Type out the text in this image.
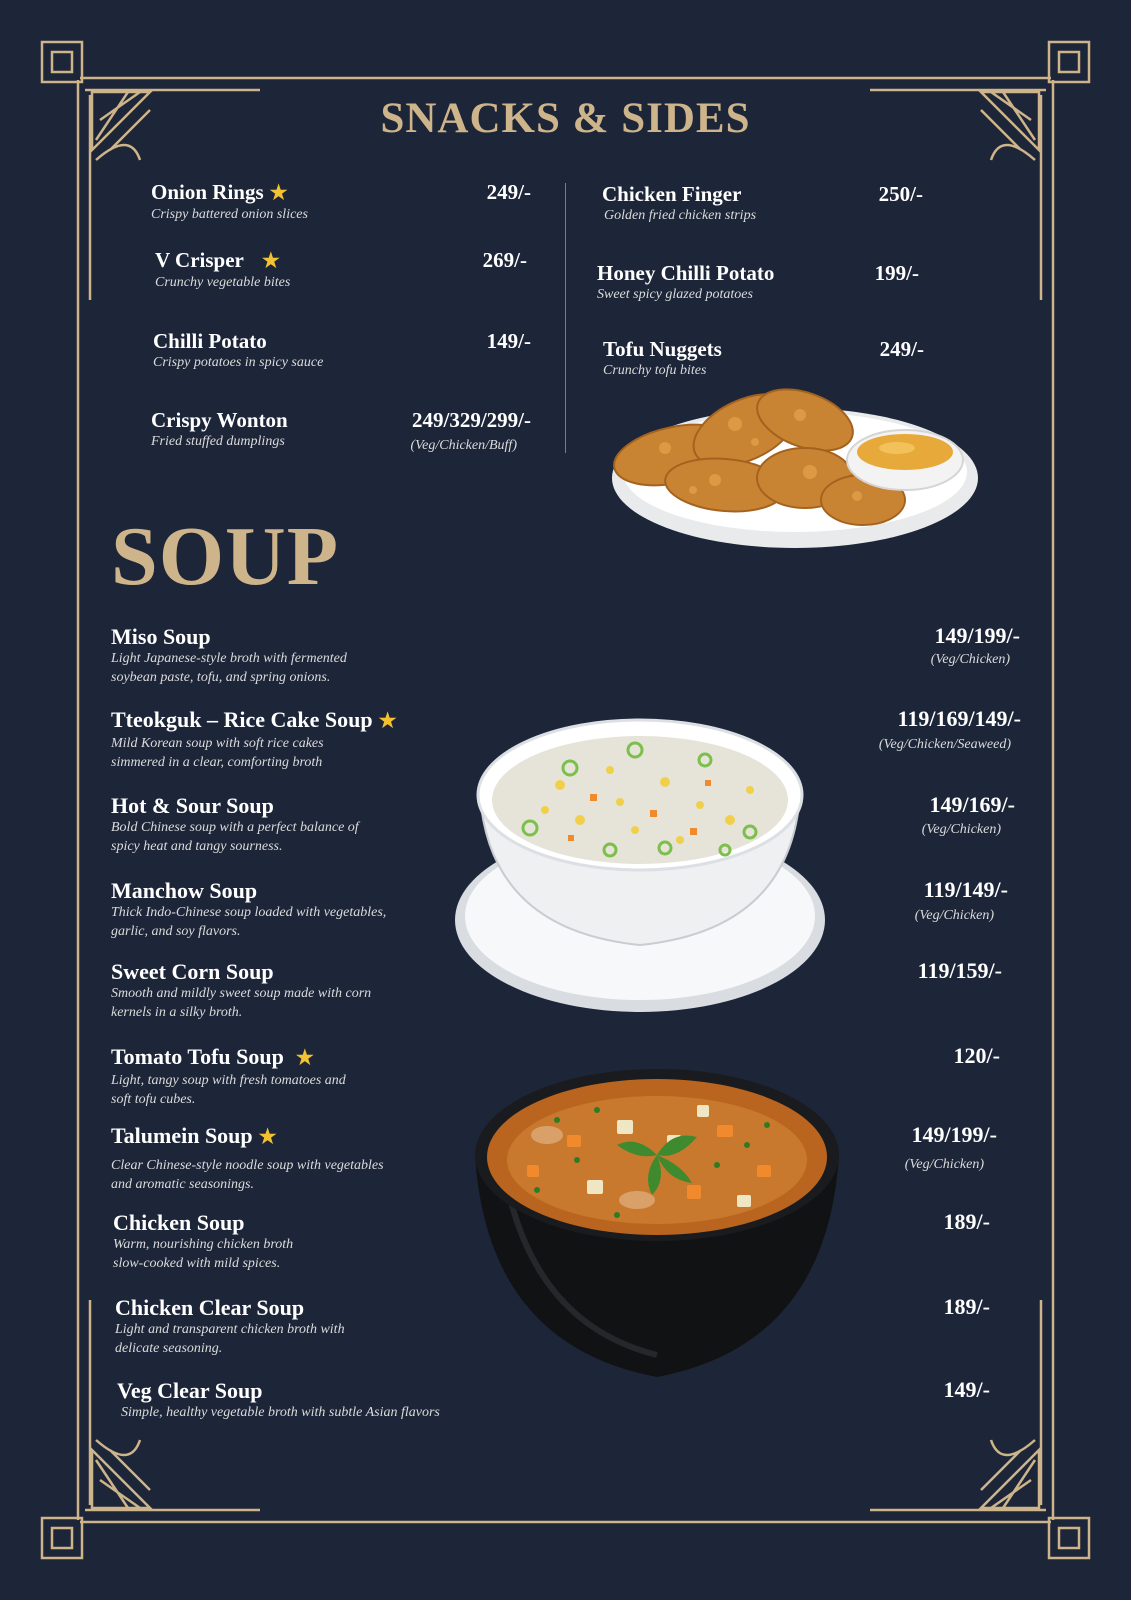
SNACKS & SIDES
Onion Rings ★
Crispy battered onion slices
249/-
V Crisper ★
Crunchy vegetable bites
269/-
Chilli Potato
Crispy potatoes in spicy sauce
149/-
Crispy Wonton
Fried stuffed dumplings
249/329/299/-
(Veg/Chicken/Buff)
Chicken Finger
Golden fried chicken strips
250/-
Honey Chilli Potato
Sweet spicy glazed potatoes
199/-
Tofu Nuggets
Crunchy tofu bites
249/-
SOUP
Miso Soup
Light Japanese-style broth with fermented
soybean paste, tofu, and spring onions.
149/199/-
(Veg/Chicken)
Tteokguk – Rice Cake Soup ★
Mild Korean soup with soft rice cakes
simmered in a clear, comforting broth
119/169/149/-
(Veg/Chicken/Seaweed)
Hot & Sour Soup
Bold Chinese soup with a perfect balance of
spicy heat and tangy sourness.
149/169/-
(Veg/Chicken)
Manchow Soup
Thick Indo-Chinese soup loaded with vegetables,
garlic, and soy flavors.
119/149/-
(Veg/Chicken)
Sweet Corn Soup
Smooth and mildly sweet soup made with corn
kernels in a silky broth.
119/159/-
Tomato Tofu Soup ★
Light, tangy soup with fresh tomatoes and
soft tofu cubes.
120/-
Talumein Soup ★
Clear Chinese-style noodle soup with vegetables
and aromatic seasonings.
149/199/-
(Veg/Chicken)
Chicken Soup
Warm, nourishing chicken broth
slow-cooked with mild spices.
189/-
Chicken Clear Soup
Light and transparent chicken broth with
delicate seasoning.
189/-
Veg Clear Soup
Simple, healthy vegetable broth with subtle Asian flavors
149/-
